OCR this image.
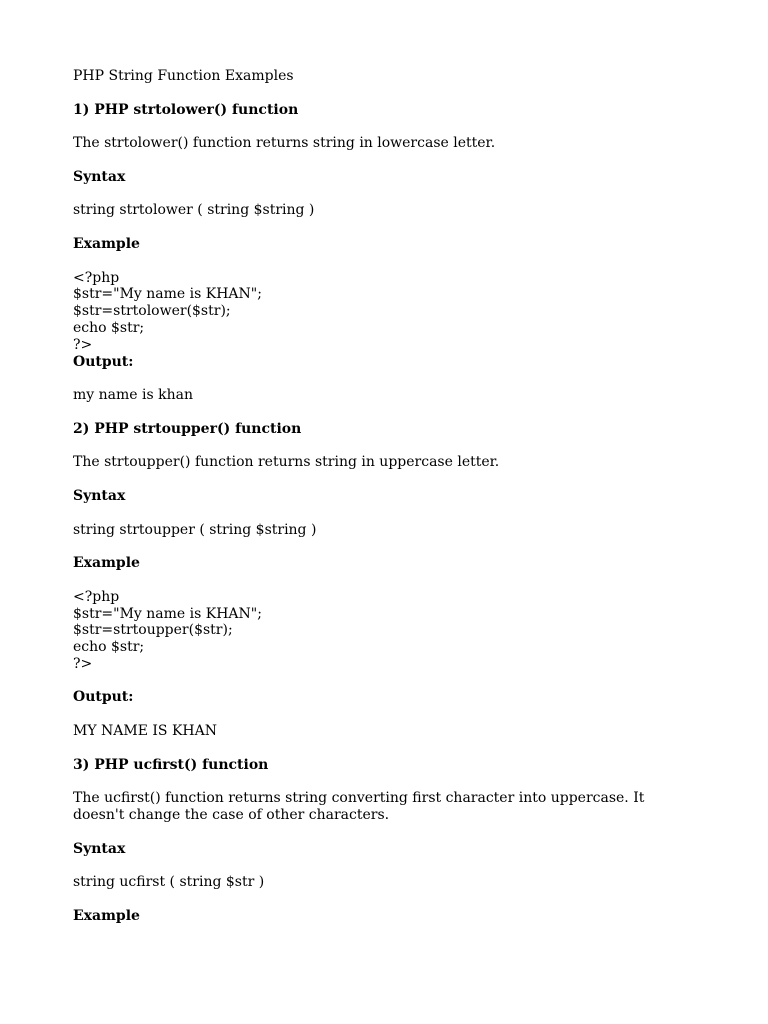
PHP String Function Examples

1) PHP strtolower() function

The strtolower() function returns string in lowercase letter.

Syntax

string strtolower ( string $string )

Example

<?php
$str="My name is KHAN";
$str=strtolower($str);
echo $str;
?>

Output:

my name is khan

2) PHP strtoupper() function

The strtoupper() function returns string in uppercase letter.

Syntax

string strtoupper ( string $string )

Example

<?php
$str="My name is KHAN";
$str=strtoupper($str);
echo $str;
?>

Output:

MY NAME IS KHAN

3) PHP ucfirst() function

The ucfirst() function returns string converting first character into uppercase. It doesn't change the case of other characters.

Syntax

string ucfirst ( string $str )

Example
